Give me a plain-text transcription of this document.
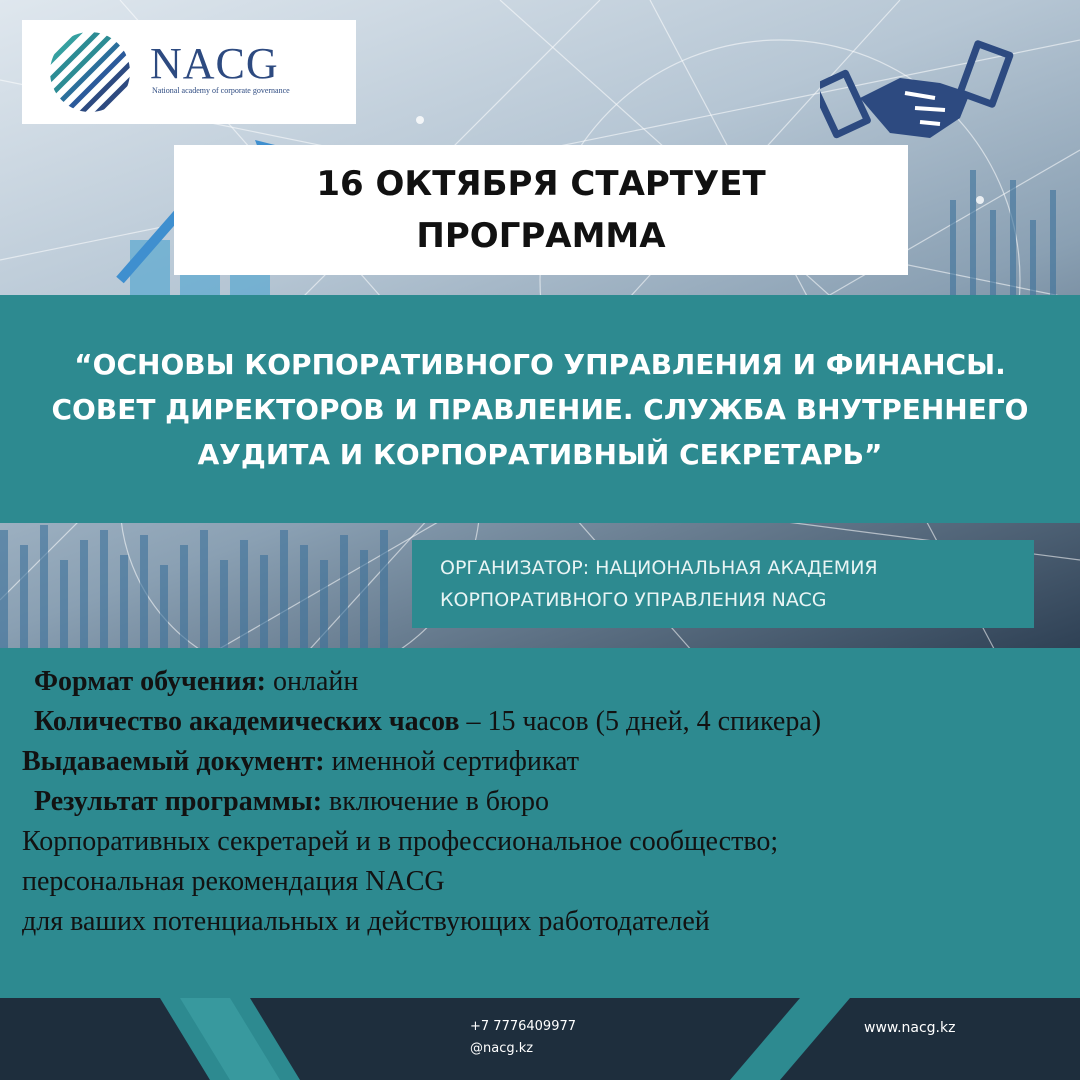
NACG
National academy of corporate governance
16 ОКТЯБРЯ СТАРТУЕТ ПРОГРАММА
“ОСНОВЫ КОРПОРАТИВНОГО УПРАВЛЕНИЯ И ФИНАНСЫ. СОВЕТ ДИРЕКТОРОВ И ПРАВЛЕНИЕ. СЛУЖБА ВНУТРЕННЕГО АУДИТА И КОРПОРАТИВНЫЙ СЕКРЕТАРЬ”
ОРГАНИЗАТОР: НАЦИОНАЛЬНАЯ АКАДЕМИЯ КОРПОРАТИВНОГО УПРАВЛЕНИЯ NACG
Формат обучения: онлайн
Количество академических часов – 15 часов (5 дней, 4 спикера)
Выдаваемый документ: именной сертификат
Результат программы: включение в бюро
Корпоративных секретарей и в профессиональное сообщество;
персональная рекомендация NACG
для ваших потенциальных и действующих работодателей
+7 7776409977
@nacg.kz
www.nacg.kz
